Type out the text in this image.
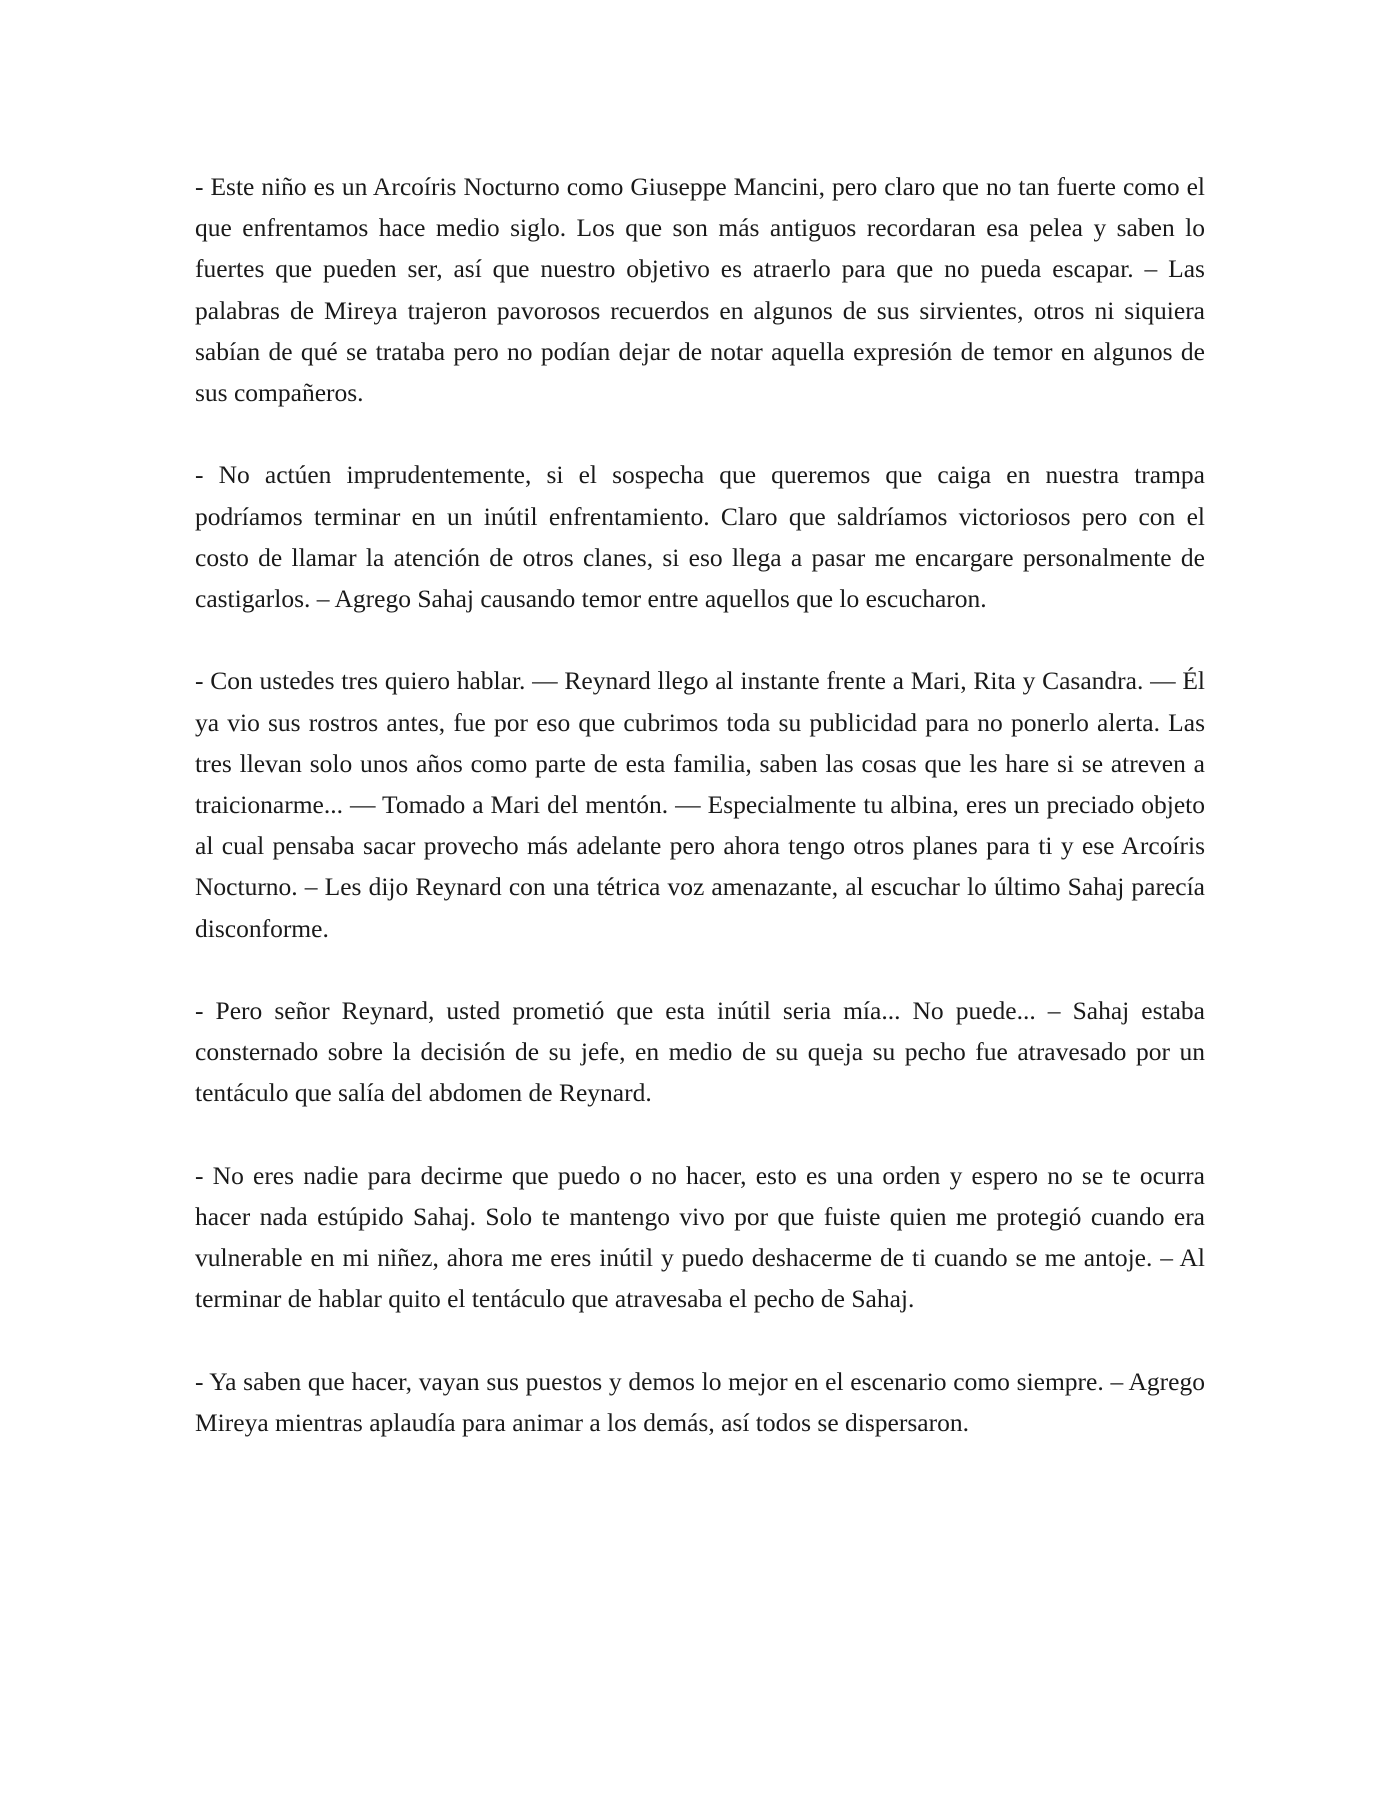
- Este niño es un Arcoíris Nocturno como Giuseppe Mancini, pero claro que no tan fuerte como el que enfrentamos hace medio siglo. Los que son más antiguos recordaran esa pelea y saben lo fuertes que pueden ser, así que nuestro objetivo es atraerlo para que no pueda escapar. – Las palabras de Mireya trajeron pavorosos recuerdos en algunos de sus sirvientes, otros ni siquiera sabían de qué se trataba pero no podían dejar de notar aquella expresión de temor en algunos de sus compañeros.

- No actúen imprudentemente, si el sospecha que queremos que caiga en nuestra trampa podríamos terminar en un inútil enfrentamiento. Claro que saldríamos victoriosos pero con el costo de llamar la atención de otros clanes, si eso llega a pasar me encargare personalmente de castigarlos. – Agrego Sahaj causando temor entre aquellos que lo escucharon.

- Con ustedes tres quiero hablar. — Reynard llego al instante frente a Mari, Rita y Casandra. — Él ya vio sus rostros antes, fue por eso que cubrimos toda su publicidad para no ponerlo alerta. Las tres llevan solo unos años como parte de esta familia, saben las cosas que les hare si se atreven a traicionarme... — Tomado a Mari del mentón. — Especialmente tu albina, eres un preciado objeto al cual pensaba sacar provecho más adelante pero ahora tengo otros planes para ti y ese Arcoíris Nocturno. – Les dijo Reynard con una tétrica voz amenazante, al escuchar lo último Sahaj parecía disconforme.

- Pero señor Reynard, usted prometió que esta inútil seria mía... No puede... – Sahaj estaba consternado sobre la decisión de su jefe, en medio de su queja su pecho fue atravesado por un tentáculo que salía del abdomen de Reynard.

- No eres nadie para decirme que puedo o no hacer, esto es una orden y espero no se te ocurra hacer nada estúpido Sahaj. Solo te mantengo vivo por que fuiste quien me protegió cuando era vulnerable en mi niñez, ahora me eres inútil y puedo deshacerme de ti cuando se me antoje. – Al terminar de hablar quito el tentáculo que atravesaba el pecho de Sahaj.

- Ya saben que hacer, vayan sus puestos y demos lo mejor en el escenario como siempre. – Agrego Mireya mientras aplaudía para animar a los demás, así todos se dispersaron.
